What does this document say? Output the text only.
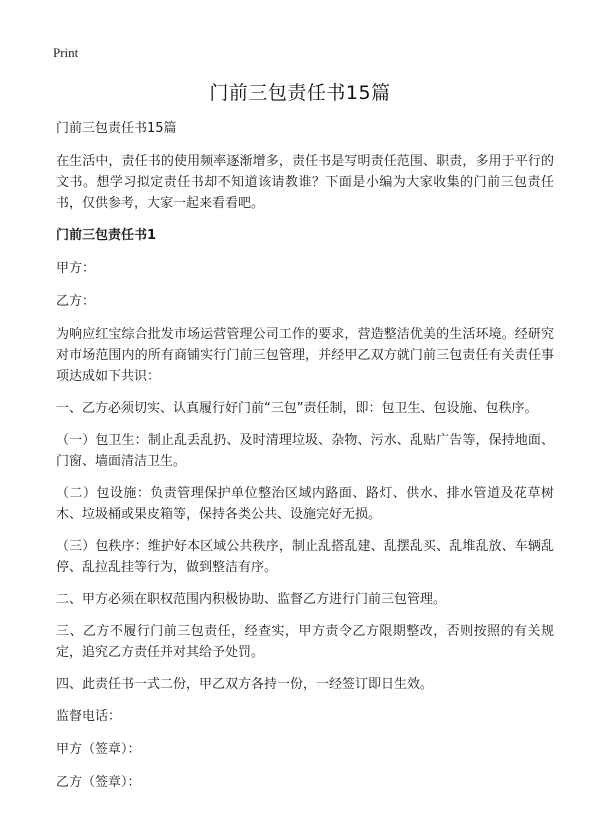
Print
门前三包责任书15篇

门前三包责任书15篇

在生活中，责任书的使用频率逐渐增多，责任书是写明责任范围、职责，多用于平行的文书。想学习拟定责任书却不知道该请教谁？下面是小编为大家收集的门前三包责任书，仅供参考，大家一起来看看吧。

门前三包责任书1

甲方：

乙方：

为响应红宝综合批发市场运营管理公司工作的要求，营造整洁优美的生活环境。经研究对市场范围内的所有商铺实行门前三包管理，并经甲乙双方就门前三包责任有关责任事项达成如下共识：

一、乙方必须切实、认真履行好门前“三包”责任制，即：包卫生、包设施、包秩序。

（一）包卫生：制止乱丢乱扔、及时清理垃圾、杂物、污水、乱贴广告等，保持地面、门窗、墙面清洁卫生。

（二）包设施：负责管理保护单位整治区域内路面、路灯、供水、排水管道及花草树木、垃圾桶或果皮箱等，保持各类公共、设施完好无损。

（三）包秩序：维护好本区域公共秩序，制止乱搭乱建、乱摆乱买、乱堆乱放、车辆乱停、乱拉乱挂等行为，做到整洁有序。

二、甲方必须在职权范围内积极协助、监督乙方进行门前三包管理。

三、乙方不履行门前三包责任，经查实，甲方责令乙方限期整改，否则按照的有关规定，追究乙方责任并对其给予处罚。

四、此责任书一式二份，甲乙双方各持一份，一经签订即日生效。

监督电话：

甲方（签章）：

乙方（签章）：
